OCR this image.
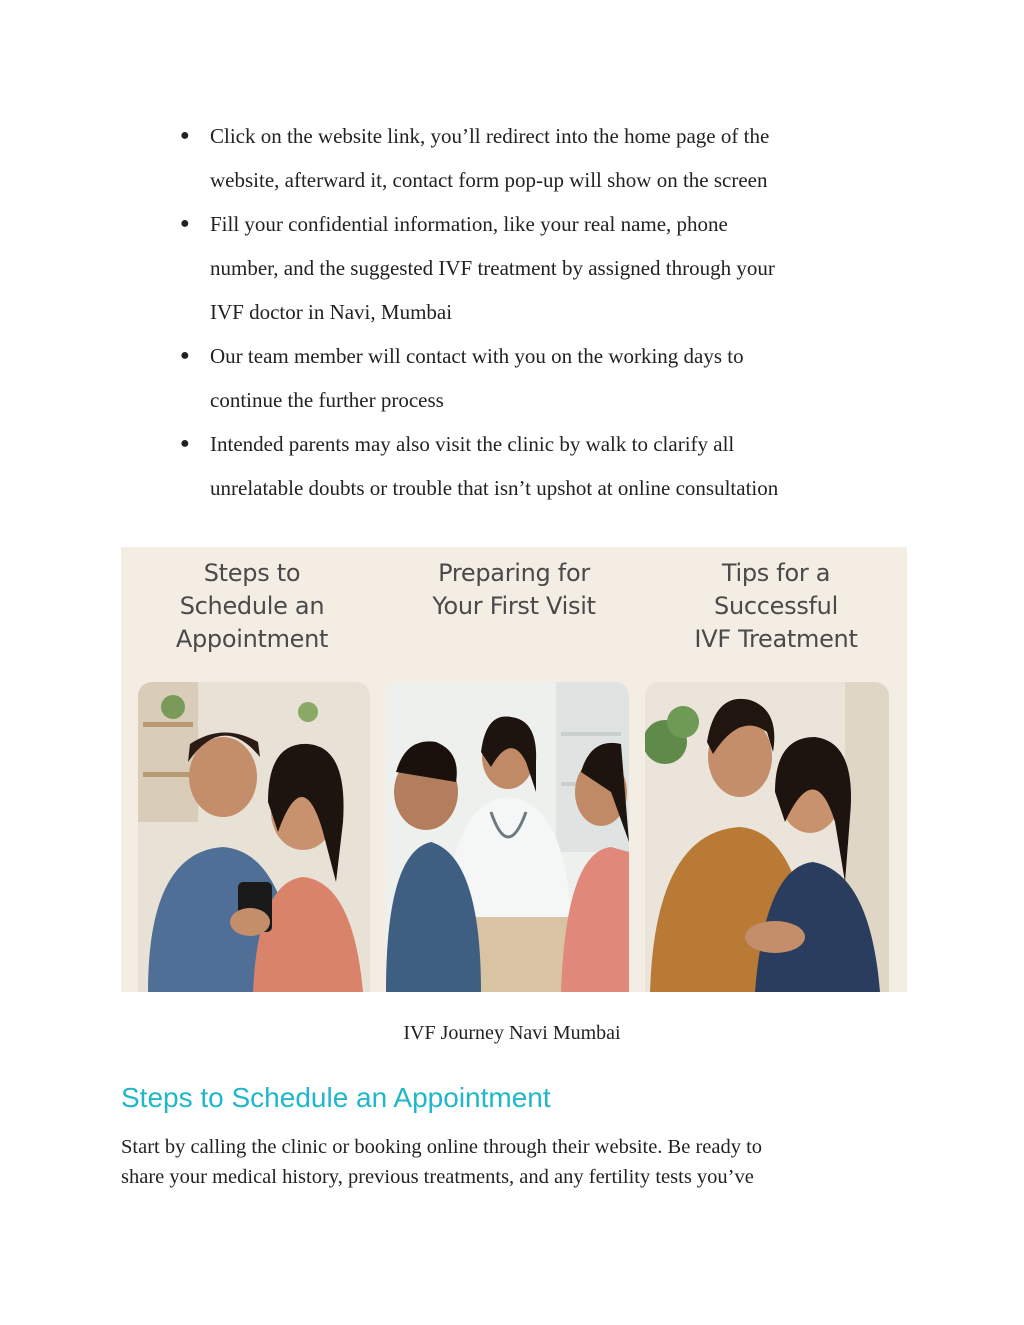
● Click on the website link, you’ll redirect into the home page of the
website, afterward it, contact form pop-up will show on the screen
● Fill your confidential information, like your real name, phone
number, and the suggested IVF treatment by assigned through your
IVF doctor in Navi, Mumbai
● Our team member will contact with you on the working days to
continue the further process
● Intended parents may also visit the clinic by walk to clarify all
unrelatable doubts or trouble that isn’t upshot at online consultation
Steps to
Schedule an
Appointment
Preparing for
Your First Visit
Tips for a
Successful
IVF Treatment
IVF Journey Navi Mumbai
Steps to Schedule an Appointment

Start by calling the clinic or booking online through their website. Be ready to
share your medical history, previous treatments, and any fertility tests you’ve
